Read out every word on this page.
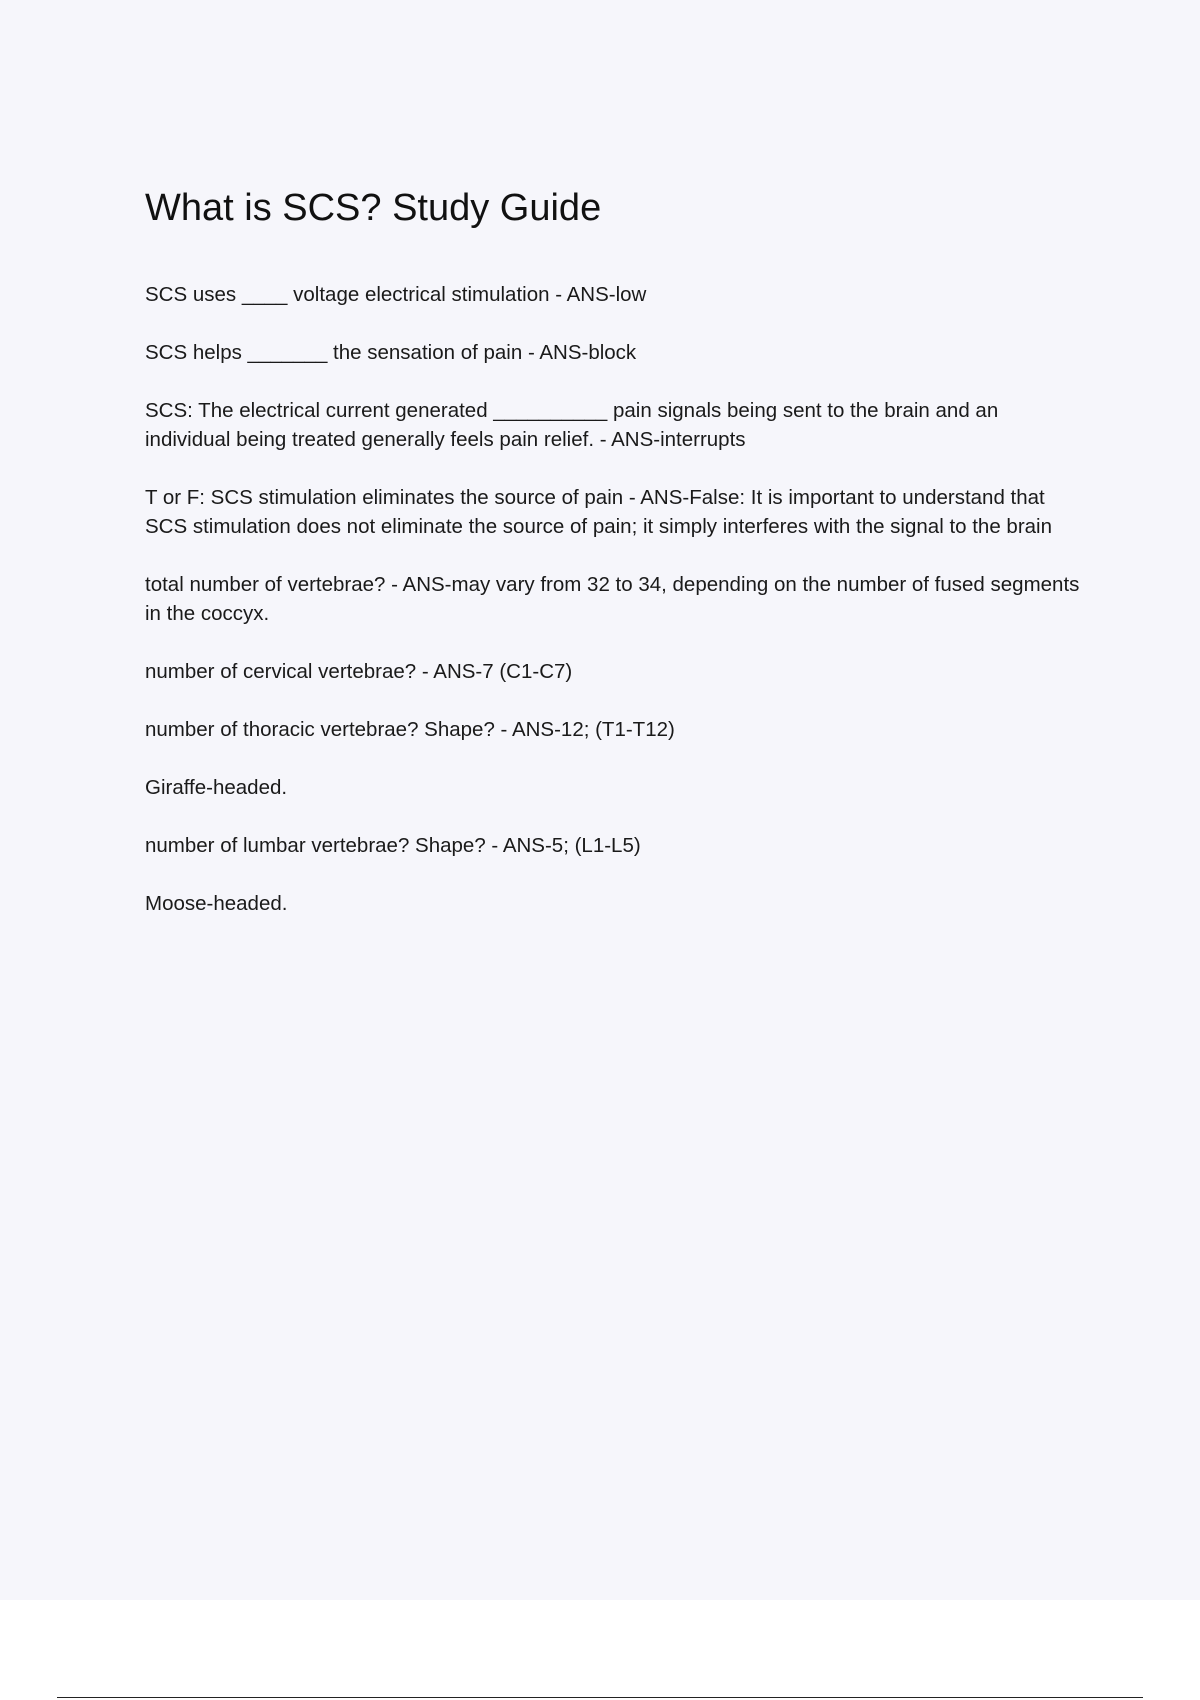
What is SCS? Study Guide
SCS uses ____ voltage electrical stimulation - ANS-low
SCS helps _______ the sensation of pain - ANS-block
SCS: The electrical current generated __________ pain signals being sent to the brain and an individual being treated generally feels pain relief. - ANS-interrupts
T or F: SCS stimulation eliminates the source of pain - ANS-False: It is important to understand that SCS stimulation does not eliminate the source of pain; it simply interferes with the signal to the brain
total number of vertebrae? - ANS-may vary from 32 to 34, depending on the number of fused segments in the coccyx.
number of cervical vertebrae? - ANS-7 (C1-C7)
number of thoracic vertebrae? Shape? - ANS-12; (T1-T12)
Giraffe-headed.
number of lumbar vertebrae? Shape? - ANS-5; (L1-L5)
Moose-headed.
